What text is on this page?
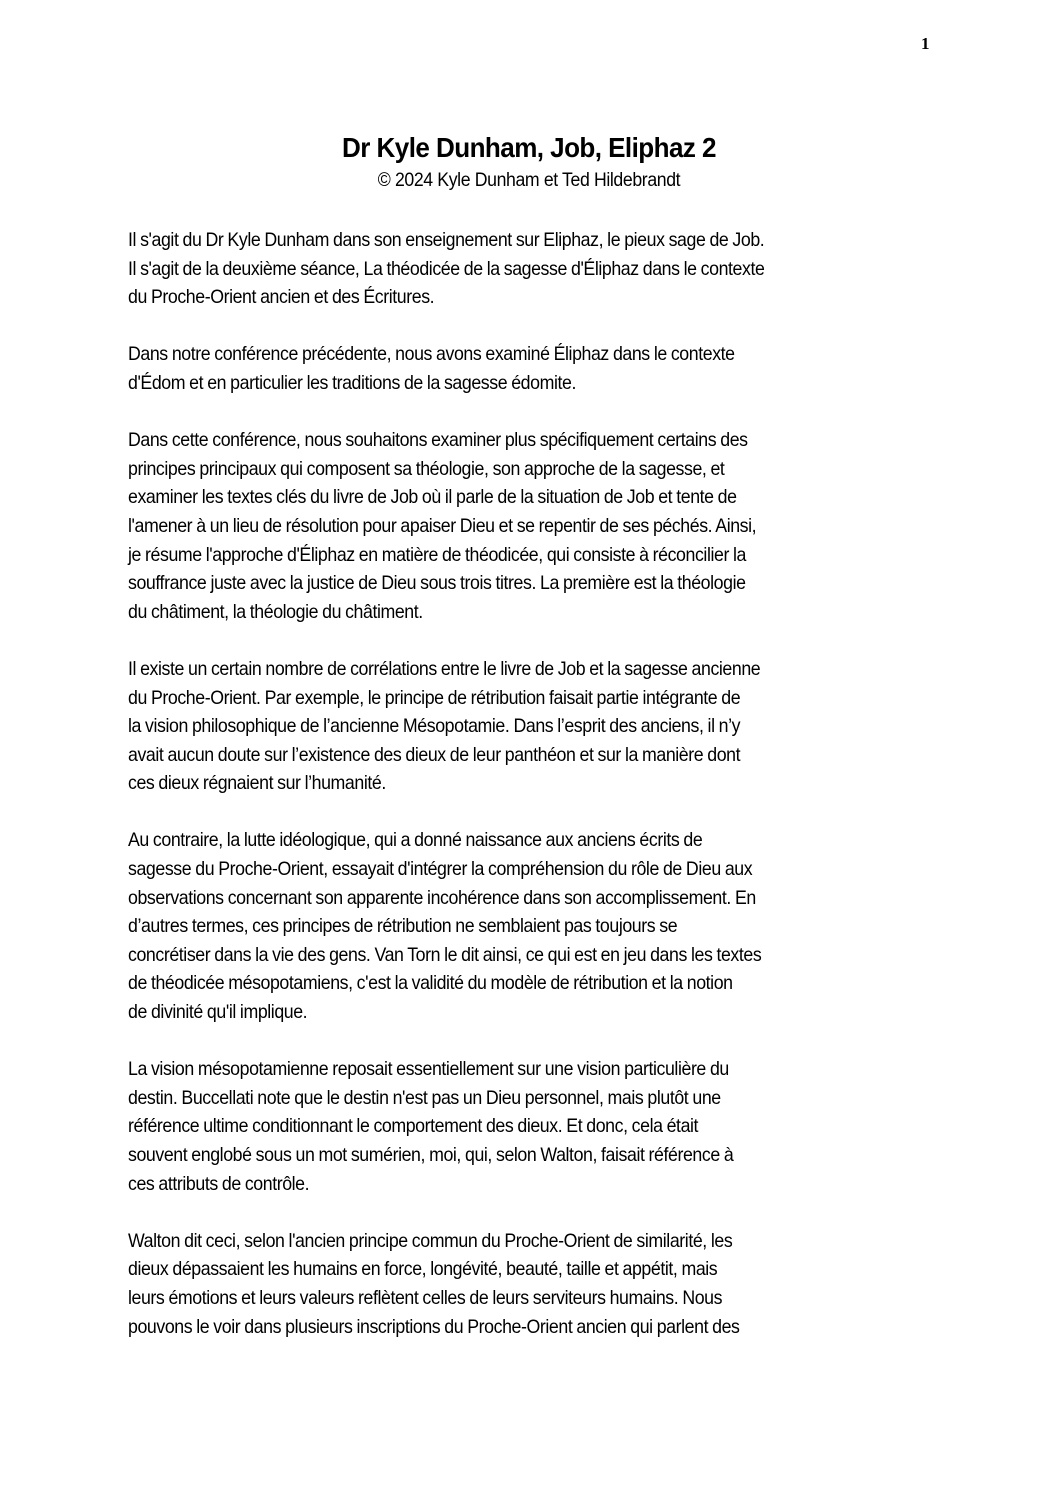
1
Dr Kyle Dunham, Job, Eliphaz 2
© 2024 Kyle Dunham et Ted Hildebrandt

Il s'agit du Dr Kyle Dunham dans son enseignement sur Eliphaz, le pieux sage de Job.
Il s'agit de la deuxième séance, La théodicée de la sagesse d'Éliphaz dans le contexte
du Proche-Orient ancien et des Écritures.

Dans notre conférence précédente, nous avons examiné Éliphaz dans le contexte
d'Édom et en particulier les traditions de la sagesse édomite.

Dans cette conférence, nous souhaitons examiner plus spécifiquement certains des
principes principaux qui composent sa théologie, son approche de la sagesse, et
examiner les textes clés du livre de Job où il parle de la situation de Job et tente de
l'amener à un lieu de résolution pour apaiser Dieu et se repentir de ses péchés. Ainsi,
je résume l'approche d'Éliphaz en matière de théodicée, qui consiste à réconcilier la
souffrance juste avec la justice de Dieu sous trois titres. La première est la théologie
du châtiment, la théologie du châtiment.

Il existe un certain nombre de corrélations entre le livre de Job et la sagesse ancienne
du Proche-Orient. Par exemple, le principe de rétribution faisait partie intégrante de
la vision philosophique de l’ancienne Mésopotamie. Dans l’esprit des anciens, il n’y
avait aucun doute sur l’existence des dieux de leur panthéon et sur la manière dont
ces dieux régnaient sur l’humanité.

Au contraire, la lutte idéologique, qui a donné naissance aux anciens écrits de
sagesse du Proche-Orient, essayait d'intégrer la compréhension du rôle de Dieu aux
observations concernant son apparente incohérence dans son accomplissement. En
d’autres termes, ces principes de rétribution ne semblaient pas toujours se
concrétiser dans la vie des gens. Van Torn le dit ainsi, ce qui est en jeu dans les textes
de théodicée mésopotamiens, c'est la validité du modèle de rétribution et la notion
de divinité qu'il implique.

La vision mésopotamienne reposait essentiellement sur une vision particulière du
destin. Buccellati note que le destin n'est pas un Dieu personnel, mais plutôt une
référence ultime conditionnant le comportement des dieux. Et donc, cela était
souvent englobé sous un mot sumérien, moi, qui, selon Walton, faisait référence à
ces attributs de contrôle.

Walton dit ceci, selon l'ancien principe commun du Proche-Orient de similarité, les
dieux dépassaient les humains en force, longévité, beauté, taille et appétit, mais
leurs émotions et leurs valeurs reflètent celles de leurs serviteurs humains. Nous
pouvons le voir dans plusieurs inscriptions du Proche-Orient ancien qui parlent des
